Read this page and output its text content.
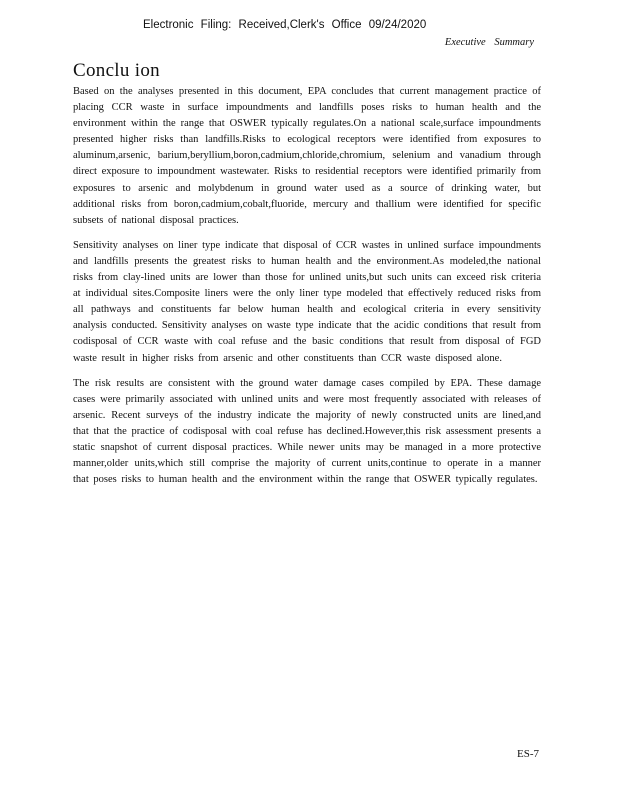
Electronic Filing: Received,Clerk's Office 09/24/2020
Executive Summary
Conclu ion

Based on the analyses presented in this document, EPA concludes that current management practice of placing CCR waste in surface impoundments and landfills poses risks to human health and the environment within the range that OSWER typically regulates.On a national scale,surface impoundments presented higher risks than landfills.Risks to ecological receptors were identified from exposures to aluminum,arsenic, barium,beryllium,boron,cadmium,chloride,chromium, selenium and vanadium through direct exposure to impoundment wastewater. Risks to residential receptors were identified primarily from exposures to arsenic and molybdenum in ground water used as a source of drinking water, but additional risks from boron,cadmium,cobalt,fluoride, mercury and thallium were identified for specific subsets of national disposal practices.

Sensitivity analyses on liner type indicate that disposal of CCR wastes in unlined surface impoundments and landfills presents the greatest risks to human health and the environment.As modeled,the national risks from clay-lined units are lower than those for unlined units,but such units can exceed risk criteria at individual sites.Composite liners were the only liner type modeled that effectively reduced risks from all pathways and constituents far below human health and ecological criteria in every sensitivity analysis conducted. Sensitivity analyses on waste type indicate that the acidic conditions that result from codisposal of CCR waste with coal refuse and the basic conditions that result from disposal of FGD waste result in higher risks from arsenic and other constituents than CCR waste disposed alone.

The risk results are consistent with the ground water damage cases compiled by EPA. These damage cases were primarily associated with unlined units and were most frequently associated with releases of arsenic. Recent surveys of the industry indicate the majority of newly constructed units are lined,and that that the practice of codisposal with coal refuse has declined.However,this risk assessment presents a static snapshot of current disposal practices. While newer units may be managed in a more protective manner,older units,which still comprise the majority of current units,continue to operate in a manner that poses risks to human health and the environment within the range that OSWER typically regulates.

ES-7
